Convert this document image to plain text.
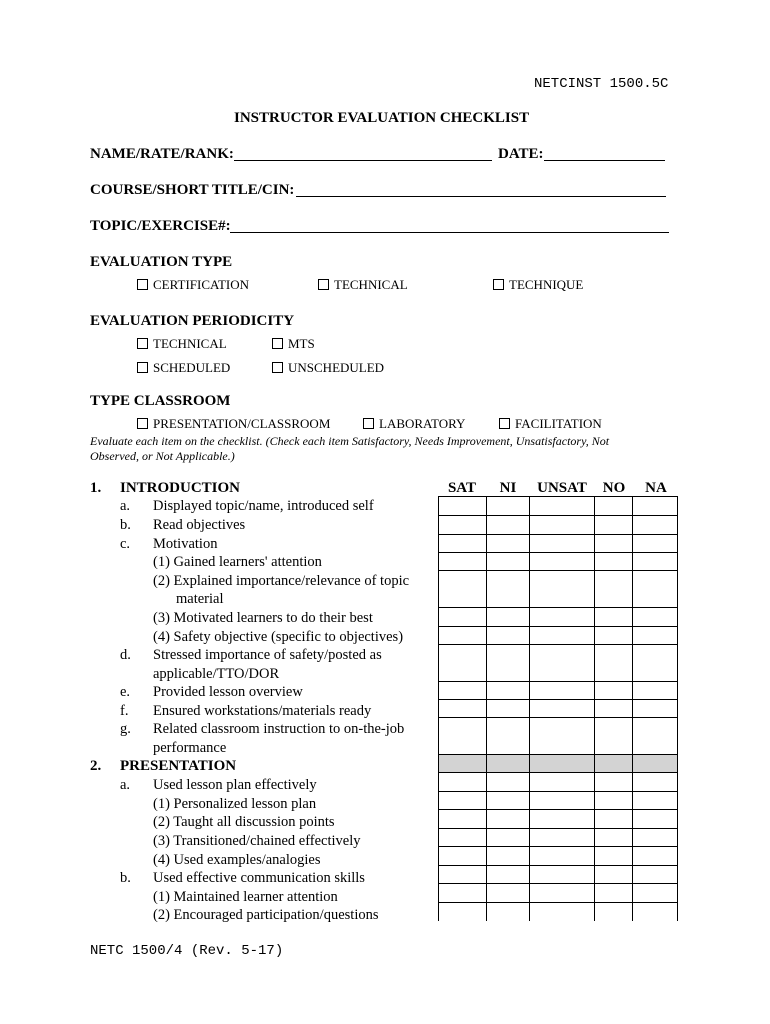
NETCINST 1500.5C
INSTRUCTOR EVALUATION CHECKLIST
NAME/RATE/RANK:	DATE:
COURSE/SHORT TITLE/CIN:
TOPIC/EXERCISE#:
EVALUATION TYPE
CERTIFICATION	TECHNICAL	TECHNIQUE
EVALUATION PERIODICITY
TECHNICAL	MTS
SCHEDULED	UNSCHEDULED
TYPE CLASSROOM
PRESENTATION/CLASSROOM	LABORATORY	FACILITATION
Evaluate each item on the checklist. (Check each item Satisfactory, Needs Improvement, Unsatisfactory, Not Observed, or Not Applicable.)
SAT	NI	UNSAT	NO	NA
1. INTRODUCTION
a. Displayed topic/name, introduced self
b. Read objectives
c. Motivation
(1) Gained learners' attention
(2) Explained importance/relevance of topic
material
(3) Motivated learners to do their best
(4) Safety objective (specific to objectives)
d. Stressed importance of safety/posted as
applicable/TTO/DOR
e. Provided lesson overview
f. Ensured workstations/materials ready
g. Related classroom instruction to on-the-job
performance
2. PRESENTATION
a. Used lesson plan effectively
(1) Personalized lesson plan
(2) Taught all discussion points
(3) Transitioned/chained effectively
(4) Used examples/analogies
b. Used effective communication skills
(1) Maintained learner attention
(2) Encouraged participation/questions

NETC 1500/4 (Rev. 5-17)
